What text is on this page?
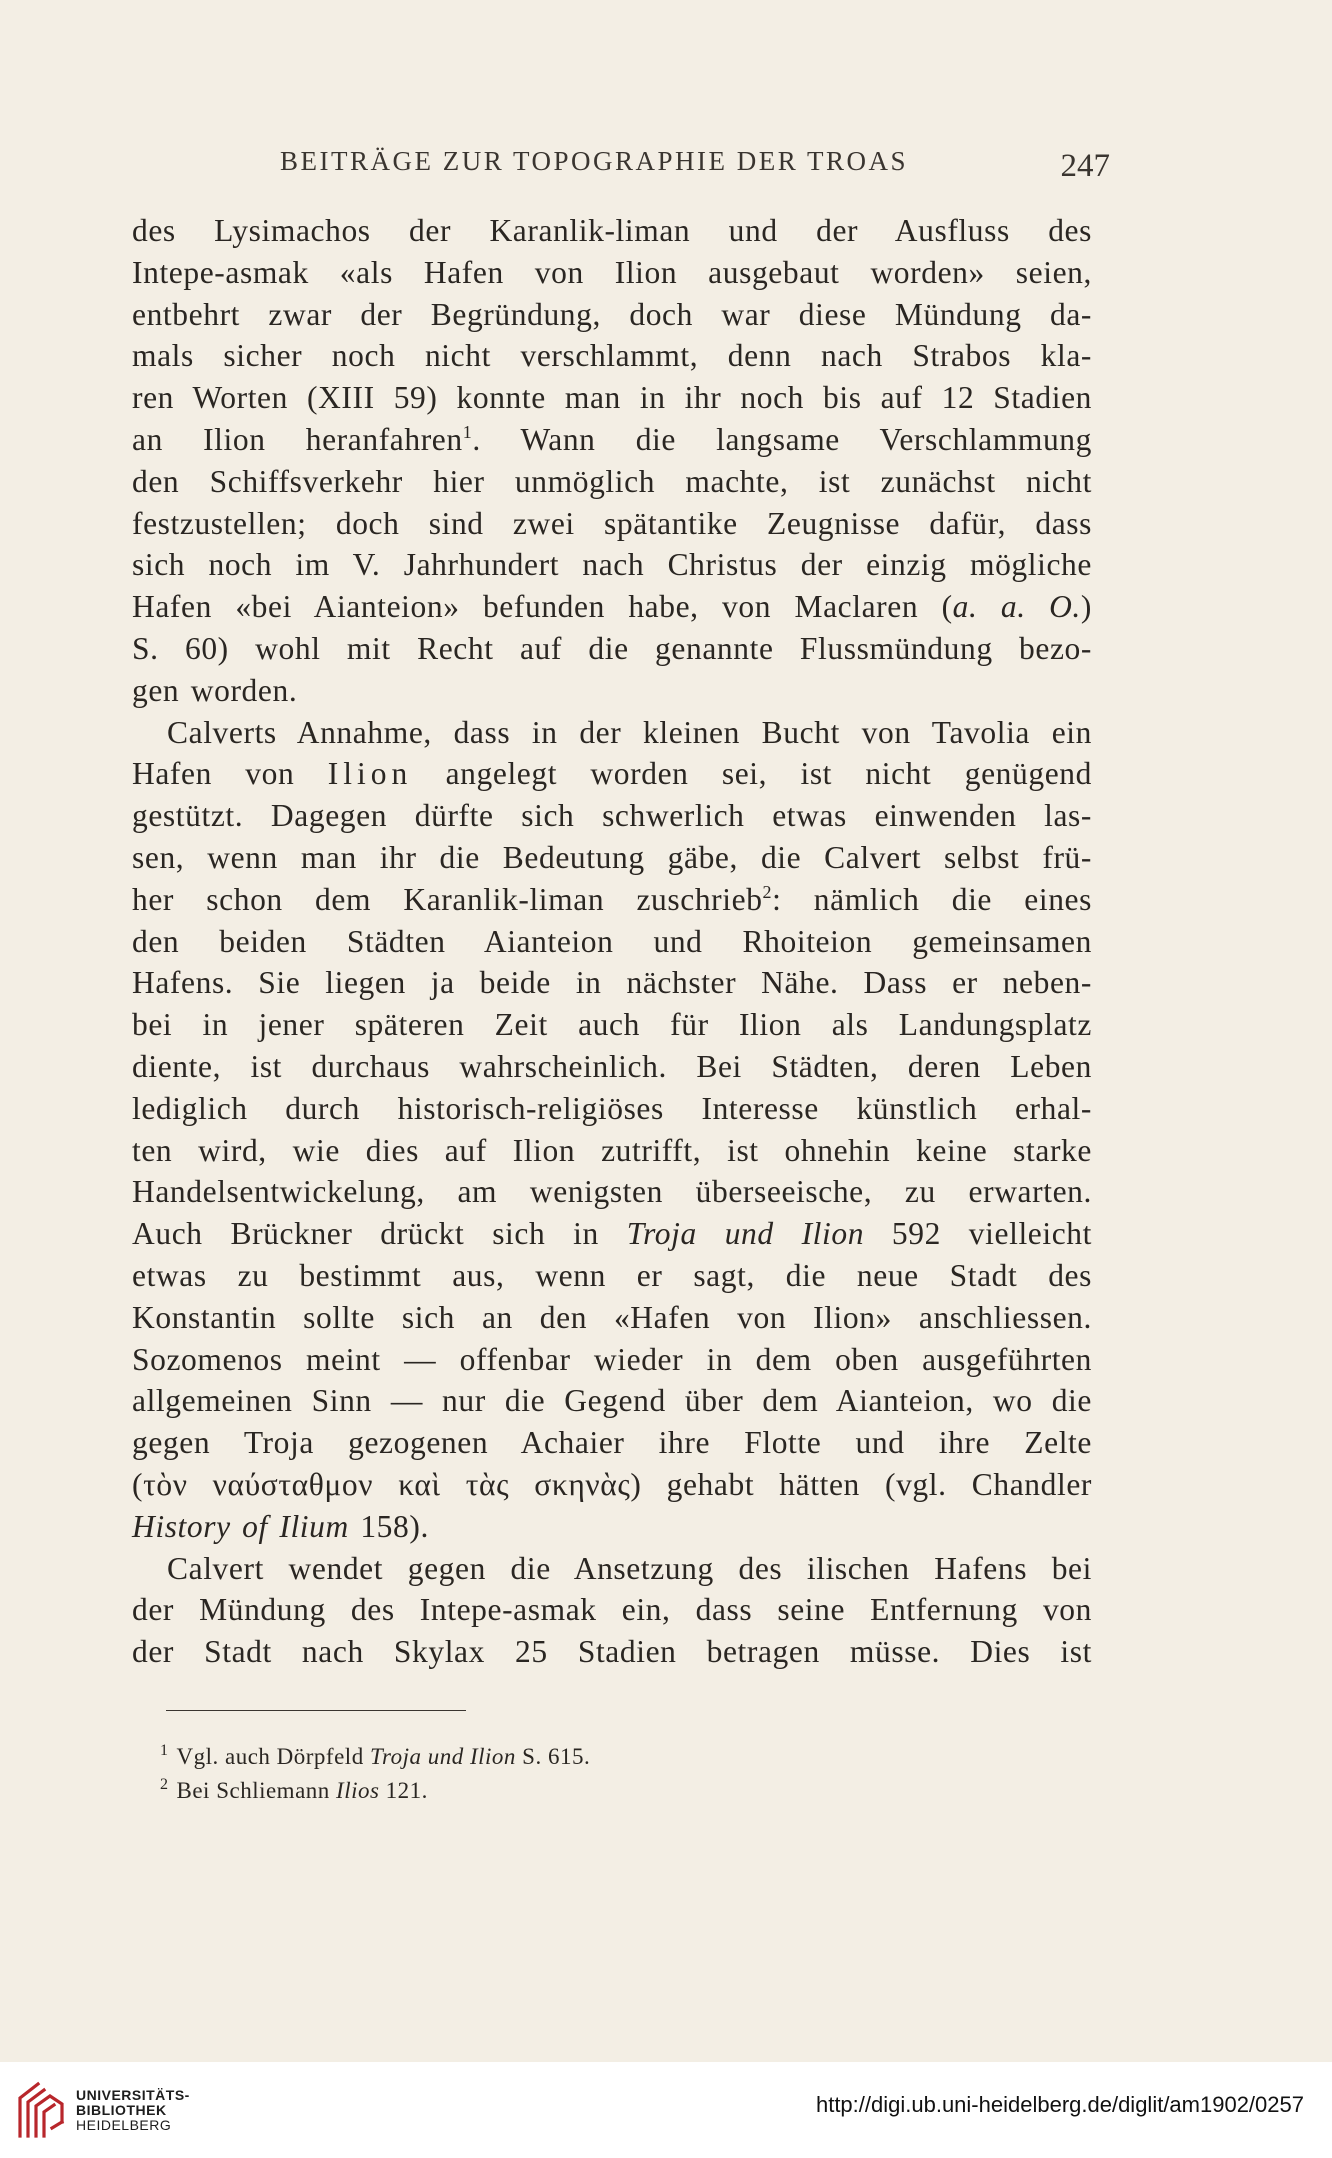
BEITRÄGE ZUR TOPOGRAPHIE DER TROAS	247
des Lysimachos der Karanlik-liman und der Ausfluss des
Intepe-asmak «als Hafen von Ilion ausgebaut worden» seien,
entbehrt zwar der Begründung, doch war diese Mündung da-
mals sicher noch nicht verschlammt, denn nach Strabos kla-
ren Worten (XIII 59) konnte man in ihr noch bis auf 12 Stadien
an Ilion heranfahren$^1$. Wann die langsame Verschlammung
den Schiffsverkehr hier unmöglich machte, ist zunächst nicht
festzustellen; doch sind zwei spätantike Zeugnisse dafür, dass
sich noch im V. Jahrhundert nach Christus der einzig mögliche
Hafen «bei Aianteion» befunden habe, von Maclaren (a. a. O.)
S. 60) wohl mit Recht auf die genannte Flussmündung bezo-
gen worden.
Calverts Annahme, dass in der kleinen Bucht von Tavolia ein
Hafen von Ilion angelegt worden sei, ist nicht genügend
gestützt. Dagegen dürfte sich schwerlich etwas einwenden las-
sen, wenn man ihr die Bedeutung gäbe, die Calvert selbst frü-
her schon dem Karanlik-liman zuschrieb$^2$: nämlich die eines
den beiden Städten Aianteion und Rhoiteion gemeinsamen
Hafens. Sie liegen ja beide in nächster Nähe. Dass er neben-
bei in jener späteren Zeit auch für Ilion als Landungsplatz
diente, ist durchaus wahrscheinlich. Bei Städten, deren Leben
lediglich durch historisch-religiöses Interesse künstlich erhal-
ten wird, wie dies auf Ilion zutrifft, ist ohnehin keine starke
Handelsentwickelung, am wenigsten überseeische, zu erwarten.
Auch Brückner drückt sich in Troja und Ilion 592 vielleicht
etwas zu bestimmt aus, wenn er sagt, die neue Stadt des
Konstantin sollte sich an den «Hafen von Ilion» anschliessen.
Sozomenos meint — offenbar wieder in dem oben ausgeführten
allgemeinen Sinn — nur die Gegend über dem Aianteion, wo die
gegen Troja gezogenen Achaier ihre Flotte und ihre Zelte
(τὸν ναύσταθμον καὶ τὰς σκηνὰς) gehabt hätten (vgl. Chandler
History of Ilium 158).
Calvert wendet gegen die Ansetzung des ilischen Hafens bei
der Mündung des Intepe-asmak ein, dass seine Entfernung von
der Stadt nach Skylax 25 Stadien betragen müsse. Dies ist
$^1$ Vgl. auch Dörpfeld Troja und Ilion S. 615.
$^2$ Bei Schliemann Ilios 121.
UNIVERSITÄTS-
BIBLIOTHEK
HEIDELBERG
http://digi.ub.uni-heidelberg.de/diglit/am1902/0257
